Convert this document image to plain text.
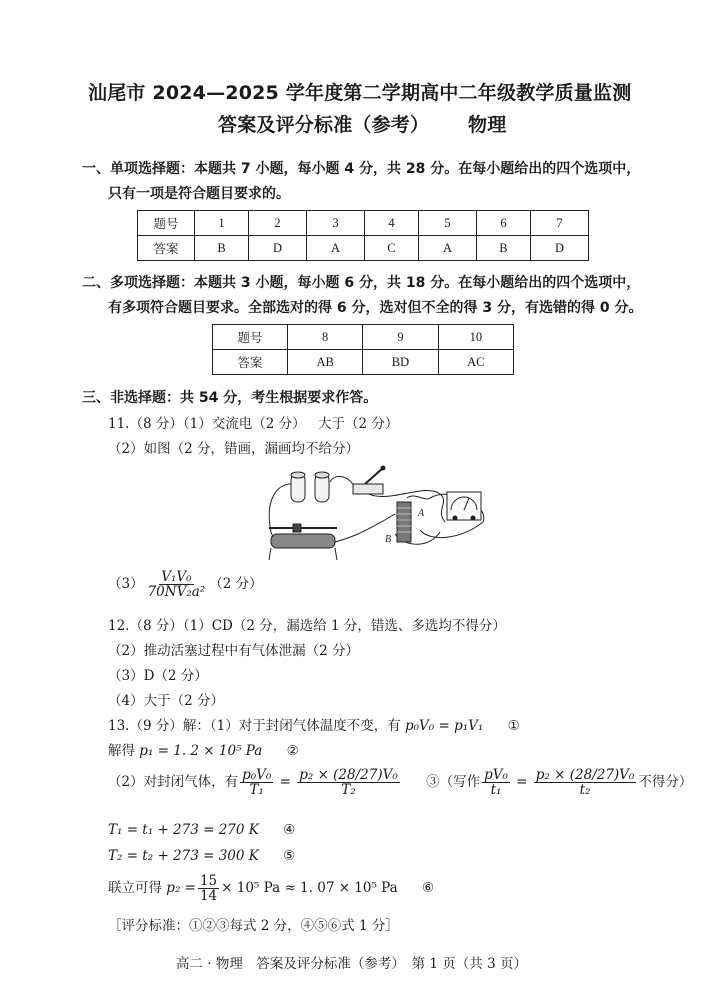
汕尾市 2024—2025 学年度第二学期高中二年级教学质量监测
答案及评分标准（参考） 物理
一、单项选择题：本题共 7 小题，每小题 4 分，共 28 分。在每小题给出的四个选项中，
只有一项是符合题目要求的。
题号	1	2	3	4	5	6	7
答案	B	D	A	C	A	B	D
二、多项选择题：本题共 3 小题，每小题 6 分，共 18 分。在每小题给出的四个选项中，
有多项符合题目要求。全部选对的得 6 分，选对但不全的得 3 分，有选错的得 0 分。
题号	8	9	10
答案	AB	BD	AC
三、非选择题：共 54 分，考生根据要求作答。
11.（8 分）（1）交流电（2 分） 大于（2 分）
（2）如图（2 分，错画，漏画均不给分）
A
B
$(3) \frac{\text{V₁V₀}}{\text{70NV₂a²}} (2$ 分）
12.（8 分）（1）CD（2 分，漏选给 1 分，错选、多选均不得分）
（2）推动活塞过程中有气体泄漏（2 分）
（3）D（2 分）
（4）大于（2 分）
13.（9 分）解：（1）对于封闭气体温度不变，有 p₀V₀ = p₁V₁ ①
解得 p₁ = 1. 2 × 10⁵ Pa ②
（2）对封闭气体，有 $\frac{\text{p₀V₀}}{\text{T₁}} = \frac{\text{p₂ × (28/27)V₀}}{\text{T₂}}$ ③（写作 $\frac{\text{pV₀}}{\text{t₁}} = \frac{\text{p₂ × (28/27)V₀}}{\text{t₂}}$ 不得分）
T₁ = t₁ + 273 = 270 K ④
T₂ = t₂ + 273 = 300 K ⑤
联立可得 $p_2 = \frac{15}{14} \times 10^5$ Pa ≈ 1. 07 × 10⁵ Pa ⑥
［评分标准：①②③每式 2 分，④⑤⑥式 1 分］
高二 · 物理　答案及评分标准（参考）　第 1 页（共 3 页）
